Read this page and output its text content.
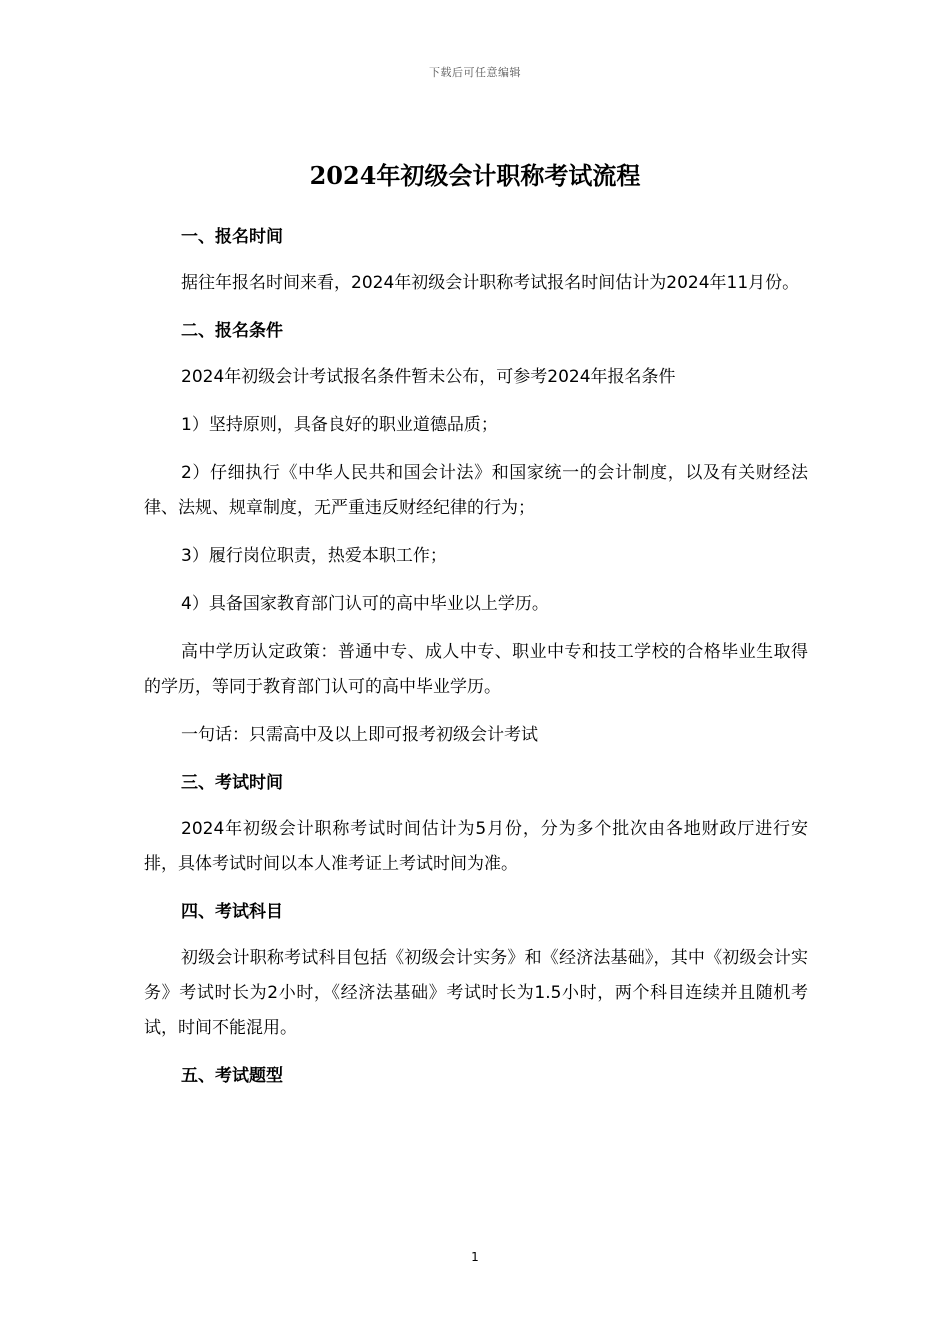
下载后可任意编辑
2024年初级会计职称考试流程

一、报名时间

据往年报名时间来看，2024年初级会计职称考试报名时间估计为2024年11月份。

二、报名条件

2024年初级会计考试报名条件暂未公布，可参考2024年报名条件

1）坚持原则，具备良好的职业道德品质；

2）仔细执行《中华人民共和国会计法》和国家统一的会计制度，以及有关财经法律、法规、规章制度，无严重违反财经纪律的行为；

3）履行岗位职责，热爱本职工作；

4）具备国家教育部门认可的高中毕业以上学历。

高中学历认定政策：普通中专、成人中专、职业中专和技工学校的合格毕业生取得的学历，等同于教育部门认可的高中毕业学历。

一句话：只需高中及以上即可报考初级会计考试

三、考试时间

2024年初级会计职称考试时间估计为5月份，分为多个批次由各地财政厅进行安排，具体考试时间以本人准考证上考试时间为准。

四、考试科目

初级会计职称考试科目包括《初级会计实务》和《经济法基础》，其中《初级会计实务》考试时长为2小时，《经济法基础》考试时长为1.5小时，两个科目连续并且随机考试，时间不能混用。

五、考试题型

1
